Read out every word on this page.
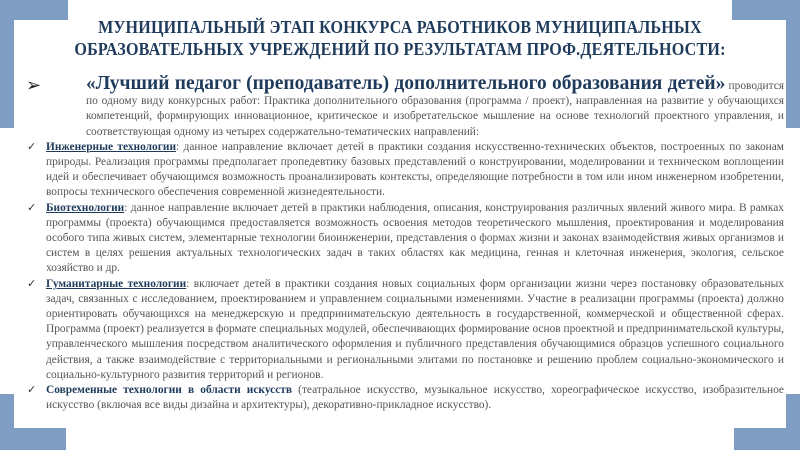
МУНИЦИПАЛЬНЫЙ ЭТАП КОНКУРСА РАБОТНИКОВ МУНИЦИПАЛЬНЫХ ОБРАЗОВАТЕЛЬНЫХ УЧРЕЖДЕНИЙ ПО РЕЗУЛЬТАТАМ ПРОФ.ДЕЯТЕЛЬНОСТИ:
➢ «Лучший педагог (преподаватель) дополнительного образования детей» проводится по одному виду конкурсных работ: Практика дополнительного образования (программа / проект), направленная на развитие у обучающихся компетенций, формирующих инновационное, критическое и изобретательское мышление на основе технологий проектного управления, и соответствующая одному из четырех содержательно-тематических направлений:

✓ Инженерные технологии: данное направление включает детей в практики создания искусственно-технических объектов, построенных по законам природы. Реализация программы предполагает пропедевтику базовых представлений о конструировании, моделировании и техническом воплощении идей и обеспечивает обучающимся возможность проанализировать контексты, определяющие потребности в том или ином инженерном изобретении, вопросы технического обеспечения современной жизнедеятельности.

✓ Биотехнологии: данное направление включает детей в практики наблюдения, описания, конструирования различных явлений живого мира. В рамках программы (проекта) обучающимся предоставляется возможность освоения методов теоретического мышления, проектирования и моделирования особого типа живых систем, элементарные технологии биоинженерии, представления о формах жизни и законах взаимодействия живых организмов и систем в целях решения актуальных технологических задач в таких областях как медицина, генная и клеточная инженерия, экология, сельское хозяйство и др.

✓ Гуманитарные технологии: включает детей в практики создания новых социальных форм организации жизни через постановку образовательных задач, связанных с исследованием, проектированием и управлением социальными изменениями. Участие в реализации программы (проекта) должно ориентировать обучающихся на менеджерскую и предпринимательскую деятельность в государственной, коммерческой и общественной сферах. Программа (проект) реализуется в формате специальных модулей, обеспечивающих формирование основ проектной и предпринимательской культуры, управленческого мышления посредством аналитического оформления и публичного представления обучающимися образцов успешного социального действия, а также взаимодействие с территориальными и региональными элитами по постановке и решению проблем социально-экономического и социально-культурного развития территорий и регионов.

✓ Современные технологии в области искусств (театральное искусство, музыкальное искусство, хореографическое искусство, изобразительное искусство (включая все виды дизайна и архитектуры), декоративно-прикладное искусство).
